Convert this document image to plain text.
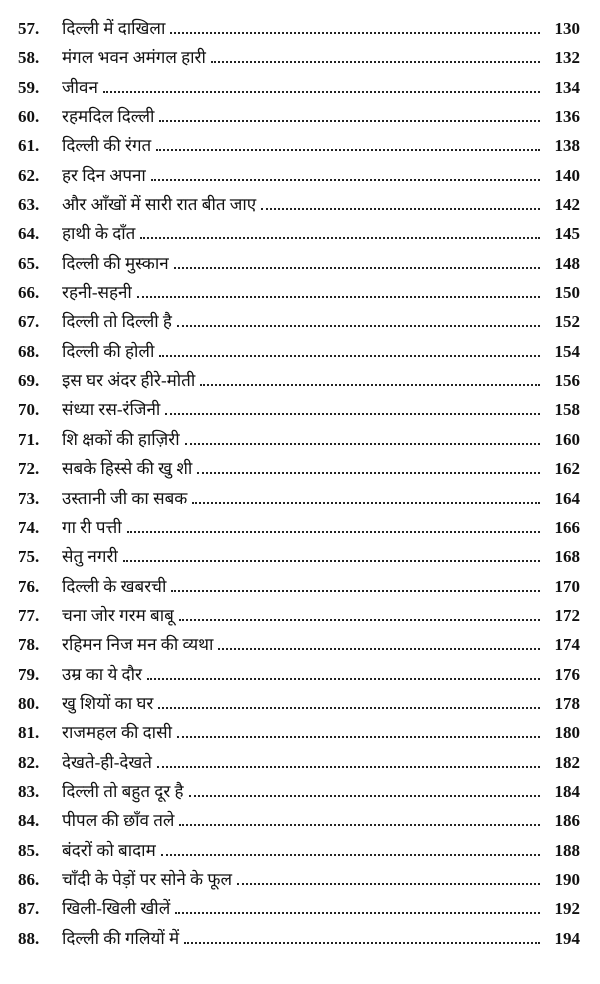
57.	दिल्ली में दाखिला	130
58.	मंगल भवन अमंगल हारी	132
59.	जीवन	134
60.	रहमदिल दिल्ली	136
61.	दिल्ली की रंगत	138
62.	हर दिन अपना	140
63.	और आँखों में सारी रात बीत जाए	142
64.	हाथी के दाँत	145
65.	दिल्ली की मुस्कान	148
66.	रहनी-सहनी	150
67.	दिल्ली तो दिल्ली है	152
68.	दिल्ली की होली	154
69.	इस घर अंदर हीरे-मोती	156
70.	संध्या रस-रंजिनी	158
71.	शि क्षकों की हाज़िरी	160
72.	सबके हिस्से की खु शी	162
73.	उस्तानी जी का सबक	164
74.	गा री पत्ती	166
75.	सेतु नगरी	168
76.	दिल्ली के खबरची	170
77.	चना जोर गरम बाबू	172
78.	रहिमन निज मन की व्यथा	174
79.	उम्र का ये दौर	176
80.	खु शियों का घर	178
81.	राजमहल की दासी	180
82.	देखते-ही-देखते	182
83.	दिल्ली तो बहुत दूर है	184
84.	पीपल की छाँव तले	186
85.	बंदरों को बादाम	188
86.	चाँदी के पेड़ों पर सोने के फूल	190
87.	खिली-खिली खीलें	192
88.	दिल्ली की गलियों में	194
